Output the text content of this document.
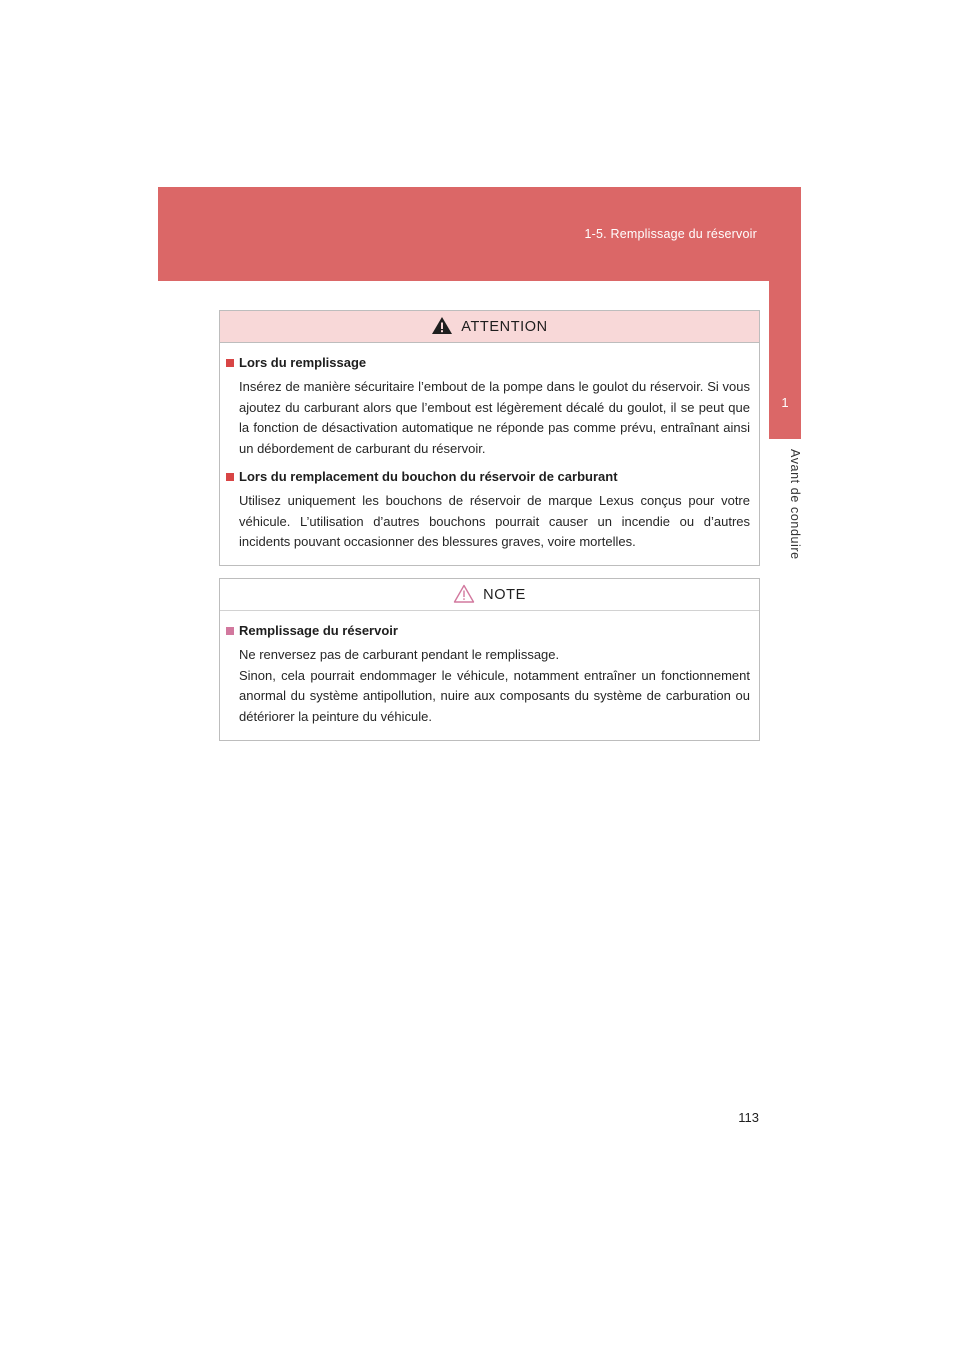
1-5. Remplissage du réservoir
1
Avant de conduire
ATTENTION
Lors du remplissage
Insérez de manière sécuritaire l’embout de la pompe dans le goulot du réservoir. Si vous ajoutez du carburant alors que l’embout est légèrement décalé du goulot, il se peut que la fonction de désactivation automatique ne réponde pas comme prévu, entraînant ainsi un débordement de carburant du réservoir.
Lors du remplacement du bouchon du réservoir de carburant
Utilisez uniquement les bouchons de réservoir de marque Lexus conçus pour votre véhicule. L’utilisation d’autres bouchons pourrait causer un incendie ou d’autres incidents pouvant occasionner des blessures graves, voire mortelles.
NOTE
Remplissage du réservoir
Ne renversez pas de carburant pendant le remplissage.
Sinon, cela pourrait endommager le véhicule, notamment entraîner un fonctionnement anormal du système antipollution, nuire aux composants du système de carburation ou détériorer la peinture du véhicule.
113
